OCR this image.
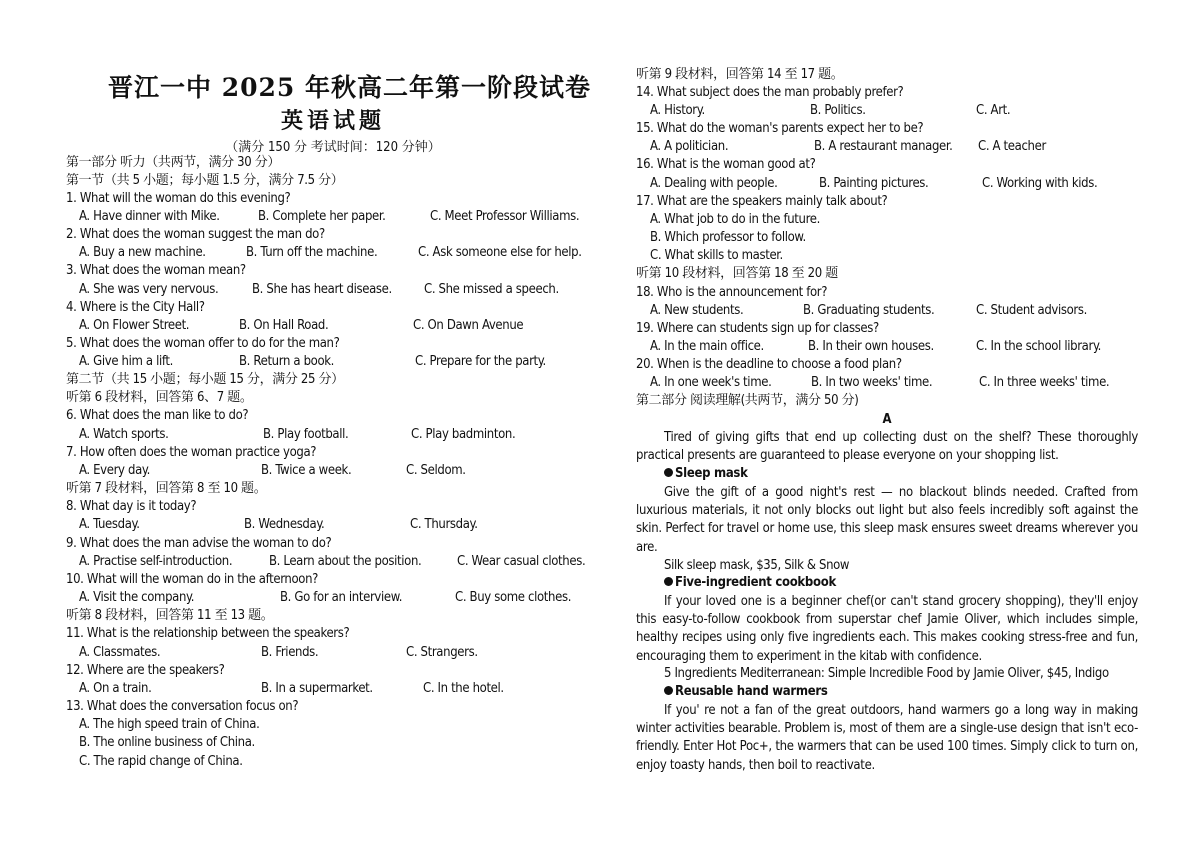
晋江一中 2025 年秋高二年第一阶段试卷
英语试题
（满分 150 分 考试时间：120 分钟）
第一部分 听力（共两节，满分 30 分）
第一节（共 5 小题；每小题 1.5 分，满分 7.5 分）
1. What will the woman do this evening?
A. Have dinner with Mike.	B. Complete her paper.	C. Meet Professor Williams.
2. What does the woman suggest the man do?
A. Buy a new machine.	B. Turn off the machine.	C. Ask someone else for help.
3. What does the woman mean?
A. She was very nervous.	B. She has heart disease. C. She missed a speech.
4. Where is the City Hall?
A. On Flower Street.	B. On Hall Road.	C. On Dawn Avenue
5. What does the woman offer to do for the man?
A. Give him a lift.	B. Return a book.	C. Prepare for the party.
第二节（共 15 小题；每小题 15 分，满分 25 分）
听第 6 段材料，回答第 6、7 题。
6. What does the man like to do?
A. Watch sports.	B. Play football.	C. Play badminton.
7. How often does the woman practice yoga?
A. Every day.	B. Twice a week.	C. Seldom.
听第 7 段材料，回答第 8 至 10 题。
8. What day is it today?
A. Tuesday.	B. Wednesday.	C. Thursday.
9. What does the man advise the woman to do?
A. Practise self-introduction.	B. Learn about the position.	C. Wear casual clothes.
10. What will the woman do in the afternoon?
A. Visit the company.	B. Go for an interview.	C. Buy some clothes.
听第 8 段材料，回答第 11 至 13 题。
11. What is the relationship between the speakers?
A. Classmates.	B. Friends.	C. Strangers.
12. Where are the speakers?
A. On a train.	B. In a supermarket.	C. In the hotel.
13. What does the conversation focus on?
A. The high speed train of China.
B. The online business of China.
C. The rapid change of China.
听第 9 段材料，回答第 14 至 17 题。
14. What subject does the man probably prefer?
A. History.	B. Politics.	C. Art.
15. What do the woman's parents expect her to be?
A. A politician.	B. A restaurant manager. C. A teacher
16. What is the woman good at?
A. Dealing with people.	B. Painting pictures.	C. Working with kids.
17. What are the speakers mainly talk about?
A. What job to do in the future.
B. Which professor to follow.
C. What skills to master.
听第 10 段材料，回答第 18 至 20 题
18. Who is the announcement for?
A. New students.	B. Graduating students.	C. Student advisors.
19. Where can students sign up for classes?
A. In the main office.	B. In their own houses.	C. In the school library.
20. When is the deadline to choose a food plan?
A. In one week's time.	B. In two weeks' time.	C. In three weeks' time.
第二部分 阅读理解(共两节，满分 50 分)
A
Tired of giving gifts that end up collecting dust on the shelf? These thoroughly practical presents are guaranteed to please everyone on your shopping list.
Sleep mask
Give the gift of a good night's rest — no blackout blinds needed. Crafted from luxurious materials, it not only blocks out light but also feels incredibly soft against the skin. Perfect for travel or home use, this sleep mask ensures sweet dreams wherever you are.
Silk sleep mask, $35, Silk & Snow
Five-ingredient cookbook
If your loved one is a beginner chef(or can't stand grocery shopping), they'll enjoy this easy-to-follow cookbook from superstar chef Jamie Oliver, which includes simple, healthy recipes using only five ingredients each. This makes cooking stress-free and fun, encouraging them to experiment in the kitab with confidence.
5 Ingredients Mediterranean: Simple Incredible Food by Jamie Oliver, $45, Indigo
Reusable hand warmers
If you' re not a fan of the great outdoors, hand warmers go a long way in making winter activities bearable. Problem is, most of them are a single-use design that isn't eco-friendly. Enter Hot Poc+, the warmers that can be used 100 times. Simply click to turn on, enjoy toasty hands, then boil to reactivate.
